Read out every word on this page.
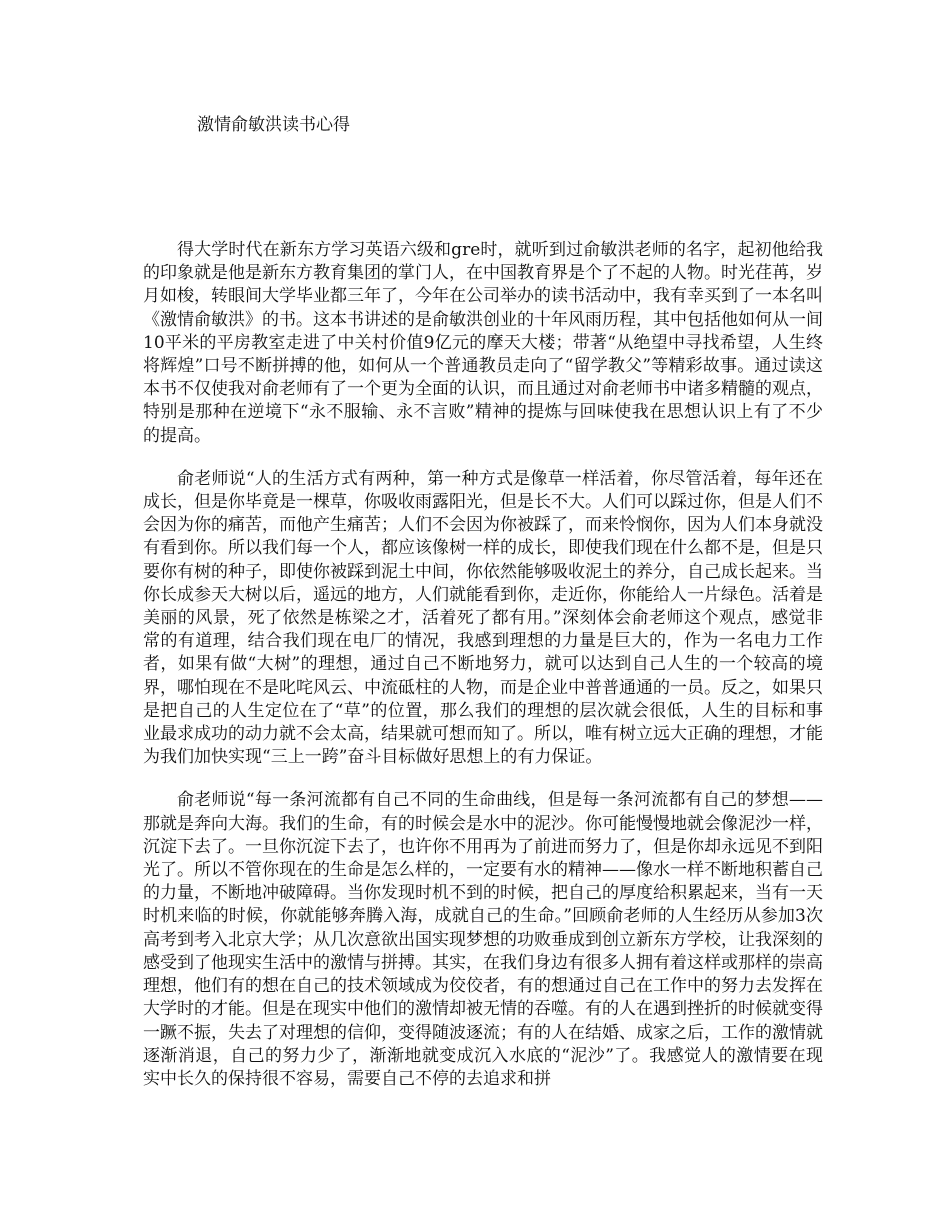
激情俞敏洪读书心得

得大学时代在新东方学习英语六级和gre时，就听到过俞敏洪老师的名字，起初他给我的印象就是他是新东方教育集团的掌门人，在中国教育界是个了不起的人物。时光荏苒，岁月如梭，转眼间大学毕业都三年了，今年在公司举办的读书活动中，我有幸买到了一本名叫《激情俞敏洪》的书。这本书讲述的是俞敏洪创业的十年风雨历程，其中包括他如何从一间10平米的平房教室走进了中关村价值9亿元的摩天大楼；带著“从绝望中寻找希望，人生终将辉煌”口号不断拼搏的他，如何从一个普通教员走向了“留学教父”等精彩故事。通过读这本书不仅使我对俞老师有了一个更为全面的认识，而且通过对俞老师书中诸多精髓的观点，特别是那种在逆境下“永不服输、永不言败”精神的提炼与回味使我在思想认识上有了不少的提高。

俞老师说“人的生活方式有两种，第一种方式是像草一样活着，你尽管活着，每年还在成长，但是你毕竟是一棵草，你吸收雨露阳光，但是长不大。人们可以踩过你，但是人们不会因为你的痛苦，而他产生痛苦；人们不会因为你被踩了，而来怜悯你，因为人们本身就没有看到你。所以我们每一个人，都应该像树一样的成长，即使我们现在什么都不是，但是只要你有树的种子，即使你被踩到泥土中间，你依然能够吸收泥土的养分，自己成长起来。当你长成参天大树以后，遥远的地方，人们就能看到你，走近你，你能给人一片绿色。活着是美丽的风景，死了依然是栋梁之才，活着死了都有用。”深刻体会俞老师这个观点，感觉非常的有道理，结合我们现在电厂的情况，我感到理想的力量是巨大的，作为一名电力工作者，如果有做“大树”的理想，通过自己不断地努力，就可以达到自己人生的一个较高的境界，哪怕现在不是叱咤风云、中流砥柱的人物，而是企业中普普通通的一员。反之，如果只是把自己的人生定位在了“草”的位置，那么我们的理想的层次就会很低，人生的目标和事业最求成功的动力就不会太高，结果就可想而知了。所以，唯有树立远大正确的理想，才能为我们加快实现“三上一跨”奋斗目标做好思想上的有力保证。

俞老师说“每一条河流都有自己不同的生命曲线，但是每一条河流都有自己的梦想——那就是奔向大海。我们的生命，有的时候会是水中的泥沙。你可能慢慢地就会像泥沙一样，沉淀下去了。一旦你沉淀下去了，也许你不用再为了前进而努力了，但是你却永远见不到阳光了。所以不管你现在的生命是怎么样的，一定要有水的精神——像水一样不断地积蓄自己的力量，不断地冲破障碍。当你发现时机不到的时候，把自己的厚度给积累起来，当有一天时机来临的时候，你就能够奔腾入海，成就自己的生命。”回顾俞老师的人生经历从参加3次高考到考入北京大学；从几次意欲出国实现梦想的功败垂成到创立新东方学校，让我深刻的感受到了他现实生活中的激情与拼搏。其实，在我们身边有很多人拥有着这样或那样的崇高理想，他们有的想在自己的技术领域成为佼佼者，有的想通过自己在工作中的努力去发挥在大学时的才能。但是在现实中他们的激情却被无情的吞噬。有的人在遇到挫折的时候就变得一蹶不振，失去了对理想的信仰，变得随波逐流；有的人在结婚、成家之后，工作的激情就逐渐消退，自己的努力少了，渐渐地就变成沉入水底的“泥沙”了。我感觉人的激情要在现实中长久的保持很不容易，需要自己不停的去追求和拼
